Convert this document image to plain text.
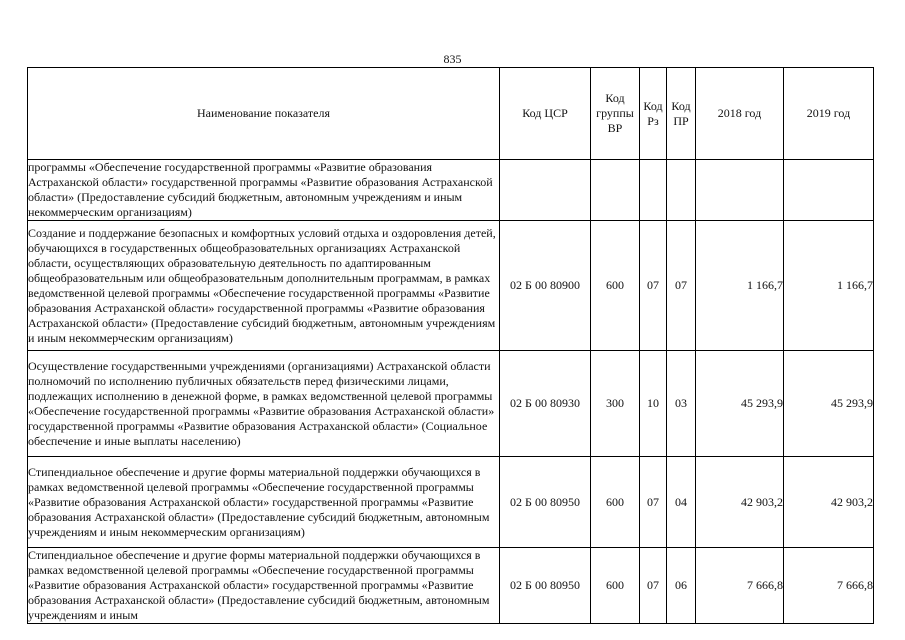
835
Наименование показателя	Код ЦСР	Код группы ВР	Код Рз	Код ПР	2018 год	2019 год
программы «Обеспечение государственной программы «Развитие образования Астраханской области» государственной программы «Развитие образования Астраханской области» (Предоставление субсидий бюджетным, автономным учреждениям и иным некоммерческим организациям)						
Создание и поддержание безопасных и комфортных условий отдыха и оздоровления детей, обучающихся в государственных общеобразовательных организациях Астраханской области, осуществляющих образовательную деятельность по адаптированным общеобразовательным или общеобразовательным дополнительным программам, в рамках ведомственной целевой программы «Обеспечение государственной программы «Развитие образования Астраханской области» государственной программы «Развитие образования Астраханской области» (Предоставление субсидий бюджетным, автономным учреждениям и иным некоммерческим организациям)	02 Б 00 80900	600	07	07	1 166,7	1 166,7
Осуществление государственными учреждениями (организациями) Астраханской области полномочий по исполнению публичных обязательств перед физическими лицами, подлежащих исполнению в денежной форме, в рамках ведомственной целевой программы «Обеспечение государственной программы «Развитие образования Астраханской области» государственной программы «Развитие образования Астраханской области» (Социальное обеспечение и иные выплаты населению)	02 Б 00 80930	300	10	03	45 293,9	45 293,9
Стипендиальное обеспечение и другие формы материальной поддержки обучающихся в рамках ведомственной целевой программы «Обеспечение государственной программы «Развитие образования Астраханской области» государственной программы «Развитие образования Астраханской области» (Предоставление субсидий бюджетным, автономным учреждениям и иным некоммерческим организациям)	02 Б 00 80950	600	07	04	42 903,2	42 903,2
Стипендиальное обеспечение и другие формы материальной поддержки обучающихся в рамках ведомственной целевой программы «Обеспечение государственной программы «Развитие образования Астраханской области» государственной программы «Развитие образования Астраханской области» (Предоставление субсидий бюджетным, автономным учреждениям и иным	02 Б 00 80950	600	07	06	7 666,8	7 666,8
